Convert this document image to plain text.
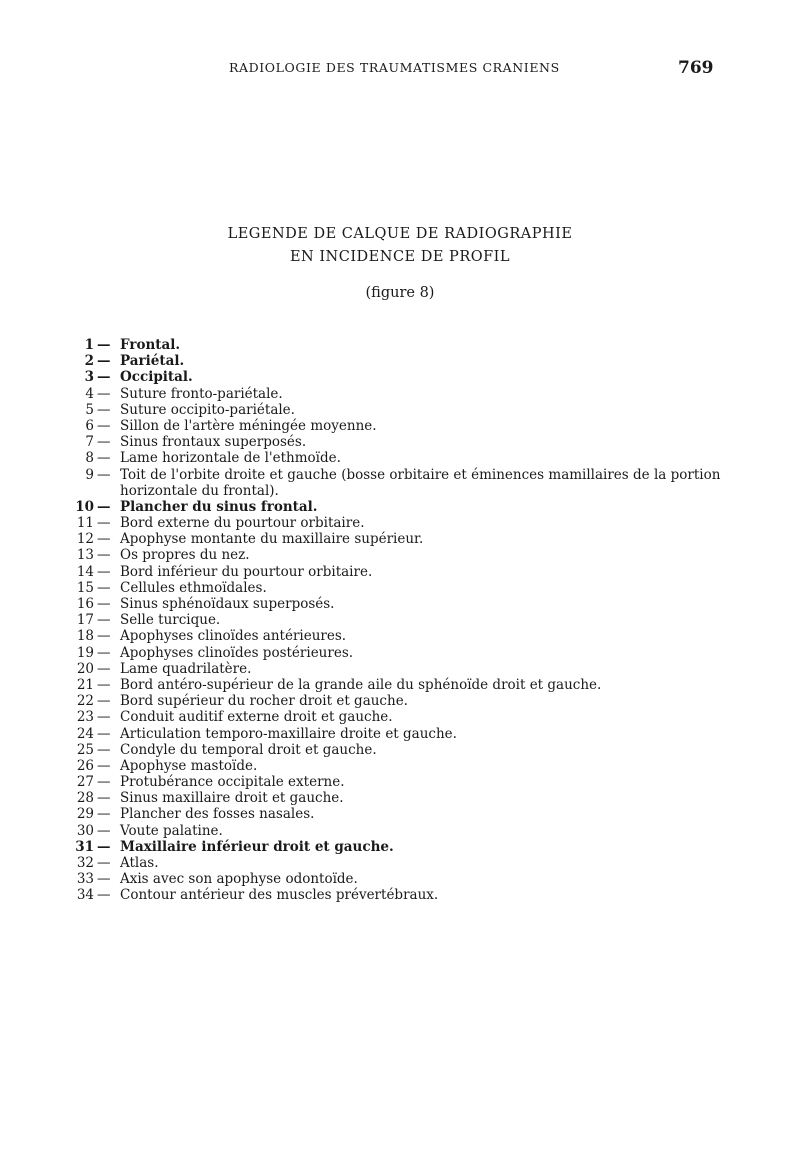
RADIOLOGIE DES TRAUMATISMES CRANIENS	769
LEGENDE DE CALQUE DE RADIOGRAPHIE
EN INCIDENCE DE PROFIL
(figure 8)
1 — Frontal.
2 — Pariétal.
3 — Occipital.
4 — Suture fronto-pariétale.
5 — Suture occipito-pariétale.
6 — Sillon de l'artère méningée moyenne.
7 — Sinus frontaux superposés.
8 — Lame horizontale de l'ethmoïde.
9 — Toit de l'orbite droite et gauche (bosse orbitaire et éminences mamillaires de la portion horizontale du frontal).
10 — Plancher du sinus frontal.
11 — Bord externe du pourtour orbitaire.
12 — Apophyse montante du maxillaire supérieur.
13 — Os propres du nez.
14 — Bord inférieur du pourtour orbitaire.
15 — Cellules ethmoïdales.
16 — Sinus sphénoïdaux superposés.
17 — Selle turcique.
18 — Apophyses clinoïdes antérieures.
19 — Apophyses clinoïdes postérieures.
20 — Lame quadrilatère.
21 — Bord antéro-supérieur de la grande aile du sphénoïde droit et gauche.
22 — Bord supérieur du rocher droit et gauche.
23 — Conduit auditif externe droit et gauche.
24 — Articulation temporo-maxillaire droite et gauche.
25 — Condyle du temporal droit et gauche.
26 — Apophyse mastoïde.
27 — Protubérance occipitale externe.
28 — Sinus maxillaire droit et gauche.
29 — Plancher des fosses nasales.
30 — Voute palatine.
31 — Maxillaire inférieur droit et gauche.
32 — Atlas.
33 — Axis avec son apophyse odontoïde.
34 — Contour antérieur des muscles prévertébraux.
